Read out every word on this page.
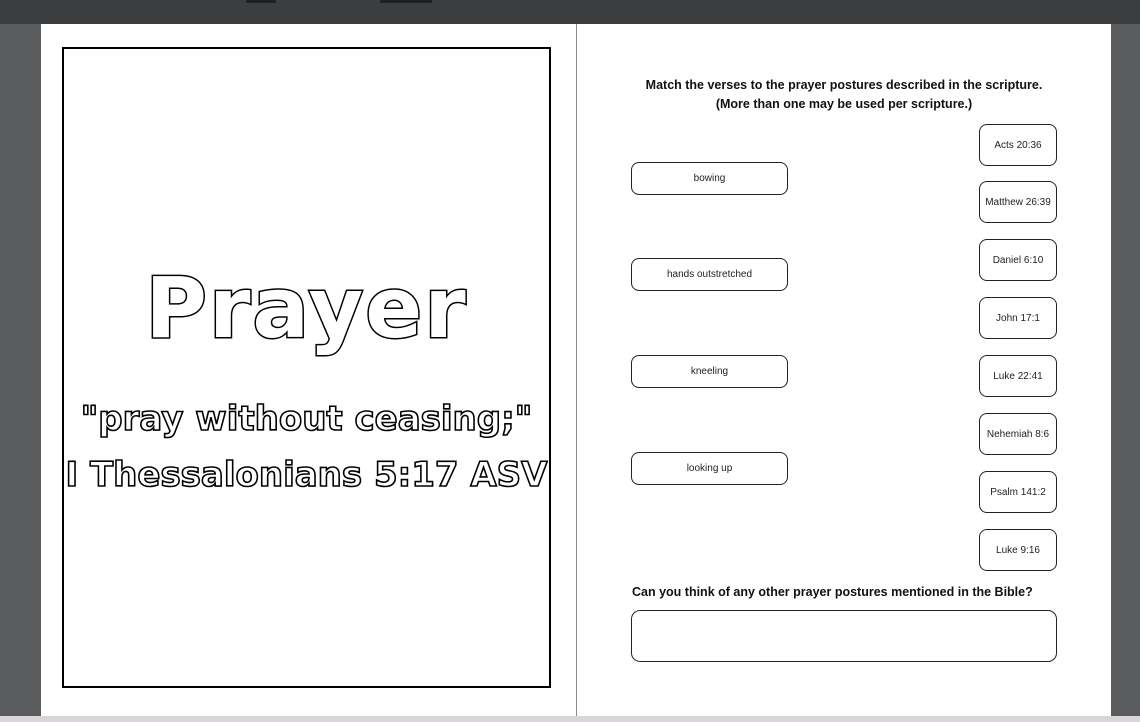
Prayer
"pray without ceasing;"
I Thessalonians 5:17 ASV
Match the verses to the prayer postures described in the scripture.
(More than one may be used per scripture.)
bowing
hands outstretched
kneeling
looking up
Acts 20:36
Matthew 26:39
Daniel 6:10
John 17:1
Luke 22:41
Nehemiah 8:6
Psalm 141:2
Luke 9:16
Can you think of any other prayer postures mentioned in the Bible?
